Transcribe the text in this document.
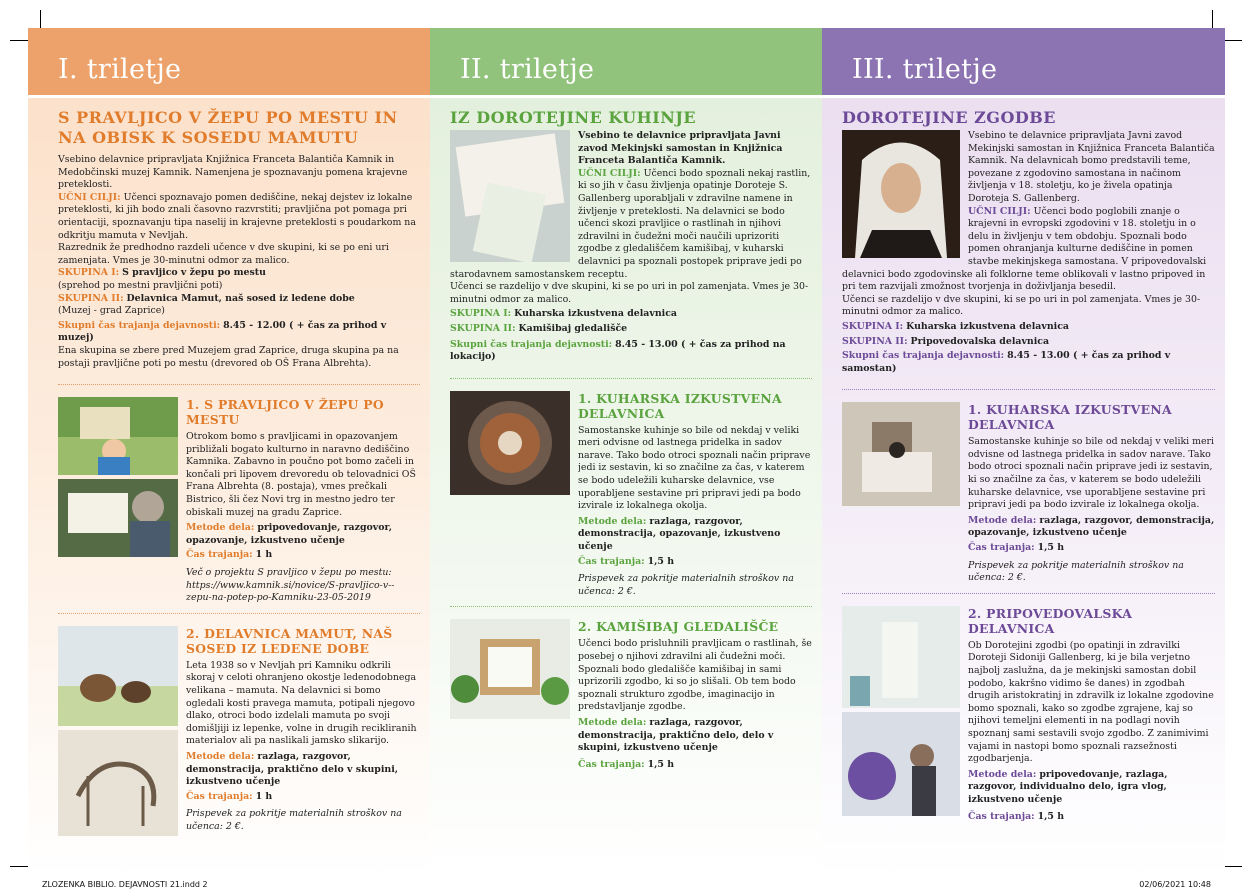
I. triletje
S PRAVLJICO V ŽEPU PO MESTU IN NA OBISK K SOSEDU MAMUTU

Vsebino delavnice pripravljata Knjižnica Franceta Balantiča Kamnik in Medobčinski muzej Kamnik. Namenjena je spoznavanju pomena krajevne preteklosti.

UČNI CILJI: Učenci spoznavajo pomen dediščine, nekaj dejstev iz lokalne preteklosti, ki jih bodo znali časovno razvrstiti; pravljična pot pomaga pri orientaciji, spoznavanju tipa naselij in krajevne preteklosti s poudarkom na odkritju mamuta v Nevljah.

Razrednik že predhodno razdeli učence v dve skupini, ki se po eni uri zamenjata. Vmes je 30-minutni odmor za malico.

SKUPINA I: S pravljico v žepu po mestu

(sprehod po mestni pravljični poti)

SKUPINA II: Delavnica Mamut, naš sosed iz ledene dobe

(Muzej - grad Zaprice)

Skupni čas trajanja dejavnosti: 8.45 - 12.00 ( + čas za prihod v muzej)

Ena skupina se zbere pred Muzejem grad Zaprice, druga skupina pa na postaji pravljične poti po mestu (drevored ob OŠ Frana Albrehta).

1. S PRAVLJICO V ŽEPU PO MESTU

Otrokom bomo s pravljicami in opazovanjem približali bogato kulturno in naravno dediščino Kamnika. Zabavno in poučno pot bomo začeli in končali pri lipovem drevoredu ob telovadnici OŠ Frana Albrehta (8. postaja), vmes prečkali Bistrico, šli čez Novi trg in mestno jedro ter obiskali muzej na gradu Zaprice.

Metode dela: pripovedovanje, razgovor, opazovanje, izkustveno učenje

Čas trajanja: 1 h

Več o projektu S pravljico v žepu po mestu: https://www.kamnik.si/novice/S-pravljico-v--zepu-na-potep-po-Kamniku-23-05-2019

2. DELAVNICA MAMUT, NAŠ SOSED IZ LEDENE DOBE

Leta 1938 so v Nevljah pri Kamniku odkrili skoraj v celoti ohranjeno okostje ledenodobnega velikana – mamuta. Na delavnici si bomo ogledali kosti pravega mamuta, potipali njegovo dlako, otroci bodo izdelali mamuta po svoji domišljiji iz lepenke, volne in drugih recikliranih materialov ali pa naslikali jamsko slikarijo.

Metode dela: razlaga, razgovor, demonstracija, praktično delo v skupini, izkustveno učenje

Čas trajanja: 1 h

Prispevek za pokritje materialnih stroškov na učenca: 2 €.

II. triletje
IZ DOROTEJINE KUHINJE

Vsebino te delavnice pripravljata Javni zavod Mekinjski samostan in Knjižnica Franceta Balantiča Kamnik.

UČNI CILJI: Učenci bodo spoznali nekaj rastlin, ki so jih v času življenja opatinje Doroteje S. Gallenberg uporabljali v zdravilne namene in življenje v preteklosti. Na delavnici se bodo učenci skozi pravljice o rastlinah in njihovi zdravilni in čudežni moči naučili uprizoriti zgodbe z gledališčem kamišibaj, v kuharski delavnici pa spoznali postopek priprave jedi po starodavnem samostanskem receptu.

Učenci se razdelijo v dve skupini, ki se po uri in pol zamenjata. Vmes je 30-minutni odmor za malico.

SKUPINA I: Kuharska izkustvena delavnica

SKUPINA II: Kamišibaj gledališče

Skupni čas trajanja dejavnosti: 8.45 - 13.00 ( + čas za prihod na lokacijo)

1. KUHARSKA IZKUSTVENA DELAVNICA

Samostanske kuhinje so bile od nekdaj v veliki meri odvisne od lastnega pridelka in sadov narave. Tako bodo otroci spoznali način priprave jedi iz sestavin, ki so značilne za čas, v katerem se bodo udeležili kuharske delavnice, vse uporabljene sestavine pri pripravi jedi pa bodo izvirale iz lokalnega okolja.

Metode dela: razlaga, razgovor, demonstracija, opazovanje, izkustveno učenje

Čas trajanja: 1,5 h

Prispevek za pokritje materialnih stroškov na učenca: 2 €.

2. KAMIŠIBAJ GLEDALIŠČE

Učenci bodo prisluhnili pravljicam o rastlinah, še posebej o njihovi zdravilni ali čudežni moči. Spoznali bodo gledališče kamišibaj in sami uprizorili zgodbo, ki so jo slišali. Ob tem bodo spoznali strukturo zgodbe, imaginacijo in predstavljanje zgodbe.

Metode dela: razlaga, razgovor, demonstracija, praktično delo, delo v skupini, izkustveno učenje

Čas trajanja: 1,5 h

III. triletje
DOROTEJINE ZGODBE

Vsebino te delavnice pripravljata Javni zavod Mekinjski samostan in Knjižnica Franceta Balantiča Kamnik. Na delavnicah bomo predstavili teme, povezane z zgodovino samostana in načinom življenja v 18. stoletju, ko je živela opatinja Doroteja S. Gallenberg.

UČNI CILJI: Učenci bodo poglobili znanje o krajevni in evropski zgodovini v 18. stoletju in o delu in življenju v tem obdobju. Spoznali bodo pomen ohranjanja kulturne dediščine in pomen stavbe mekinjskega samostana. V pripovedovalski delavnici bodo zgodovinske ali folklorne teme oblikovali v lastno pripoved in pri tem razvijali zmožnost tvorjenja in doživljanja besedil.

Učenci se razdelijo v dve skupini, ki se po uri in pol zamenjata. Vmes je 30-minutni odmor za malico.

SKUPINA I: Kuharska izkustvena delavnica

SKUPINA II: Pripovedovalska delavnica

Skupni čas trajanja dejavnosti: 8.45 - 13.00 ( + čas za prihod v samostan)

1. KUHARSKA IZKUSTVENA DELAVNICA

Samostanske kuhinje so bile od nekdaj v veliki meri odvisne od lastnega pridelka in sadov narave. Tako bodo otroci spoznali način priprave jedi iz sestavin, ki so značilne za čas, v katerem se bodo udeležili kuharske delavnice, vse uporabljene sestavine pri pripravi jedi pa bodo izvirale iz lokalnega okolja.

Metode dela: razlaga, razgovor, demonstracija, opazovanje, izkustveno učenje

Čas trajanja: 1,5 h

Prispevek za pokritje materialnih stroškov na učenca: 2 €.

2. PRIPOVEDOVALSKA DELAVNICA

Ob Dorotejini zgodbi (po opatinji in zdravilki Doroteji Sidoniji Gallenberg, ki je bila verjetno najbolj zaslužna, da je mekinjski samostan dobil podobo, kakršno vidimo še danes) in zgodbah drugih aristokratinj in zdravilk iz lokalne zgodovine bomo spoznali, kako so zgodbe zgrajene, kaj so njihovi temeljni elementi in na podlagi novih spoznanj sami sestavili svojo zgodbo. Z zanimivimi vajami in nastopi bomo spoznali razsežnosti zgodbarjenja.

Metode dela: pripovedovanje, razlaga, razgovor, individualno delo, igra vlog, izkustveno učenje

Čas trajanja: 1,5 h

ZLOZENKA BIBLIO. DEJAVNOSTI 21.indd 2	02/06/2021 10:48
